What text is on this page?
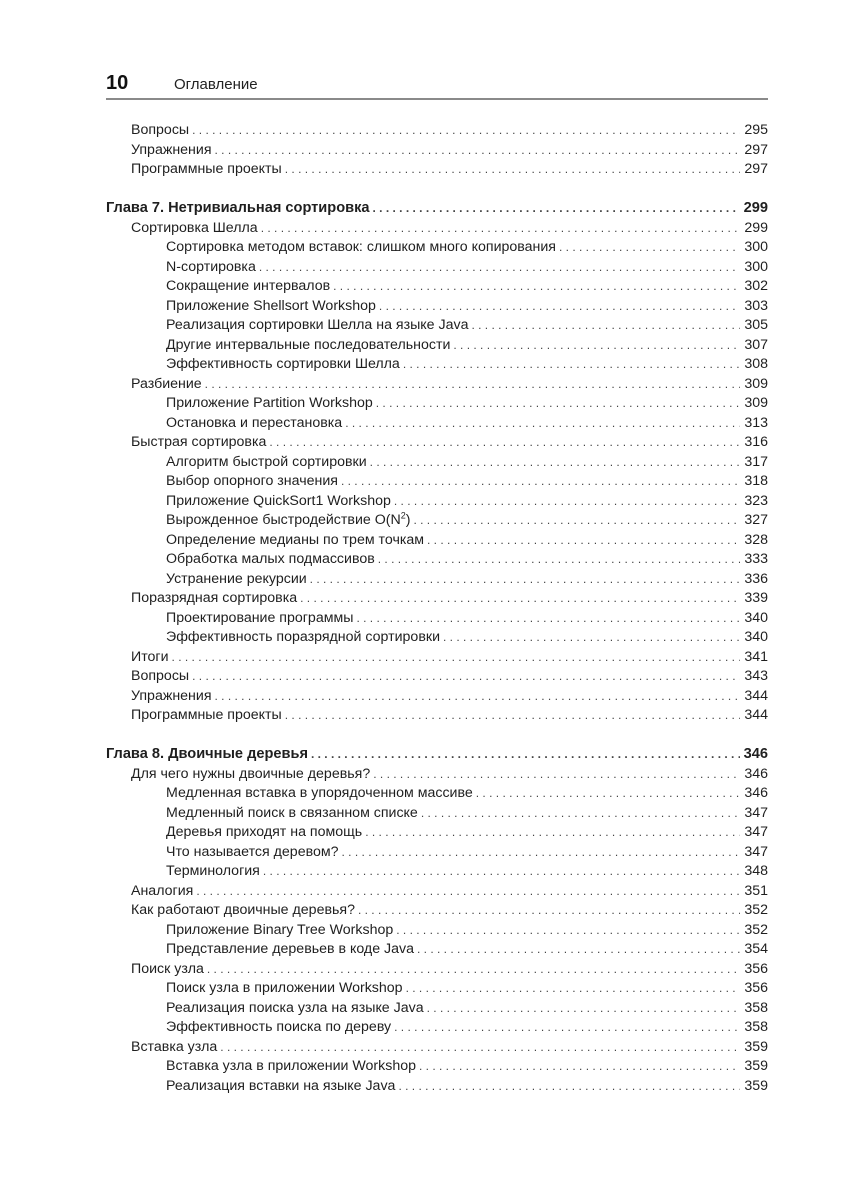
10	Оглавление
Вопросы . . .	295
Упражнения . . .	297
Программные проекты . . .	297
Глава 7. Нетривиальная сортировка . . .	299
Сортировка Шелла . . .	299
Сортировка методом вставок: слишком много копирования . . .	300
N-сортировка . . .	300
Сокращение интервалов . . .	302
Приложение Shellsort Workshop . . .	303
Реализация сортировки Шелла на языке Java . . .	305
Другие интервальные последовательности . . .	307
Эффективность сортировки Шелла . . .	308
Разбиение . . .	309
Приложение Partition Workshop . . .	309
Остановка и перестановка . . .	313
Быстрая сортировка . . .	316
Алгоритм быстрой сортировки . . .	317
Выбор опорного значения . . .	318
Приложение QuickSort1 Workshop . . .	323
Вырожденное быстродействие $O(N^2)$ . . .	327
Определение медианы по трем точкам . . .	328
Обработка малых подмассивов . . .	333
Устранение рекурсии . . .	336
Поразрядная сортировка . . .	339
Проектирование программы . . .	340
Эффективность поразрядной сортировки . . .	340
Итоги . . .	341
Вопросы . . .	343
Упражнения . . .	344
Программные проекты . . .	344
Глава 8. Двоичные деревья . . .	346
Для чего нужны двоичные деревья? . . .	346
Медленная вставка в упорядоченном массиве . . .	346
Медленный поиск в связанном списке . . .	347
Деревья приходят на помощь . . .	347
Что называется деревом? . . .	347
Терминология . . .	348
Аналогия . . .	351
Как работают двоичные деревья? . . .	352
Приложение Binary Tree Workshop . . .	352
Представление деревьев в коде Java . . .	354
Поиск узла . . .	356
Поиск узла в приложении Workshop . . .	356
Реализация поиска узла на языке Java . . .	358
Эффективность поиска по дереву . . .	358
Вставка узла . . .	359
Вставка узла в приложении Workshop . . .	359
Реализация вставки на языке Java . . .	359
